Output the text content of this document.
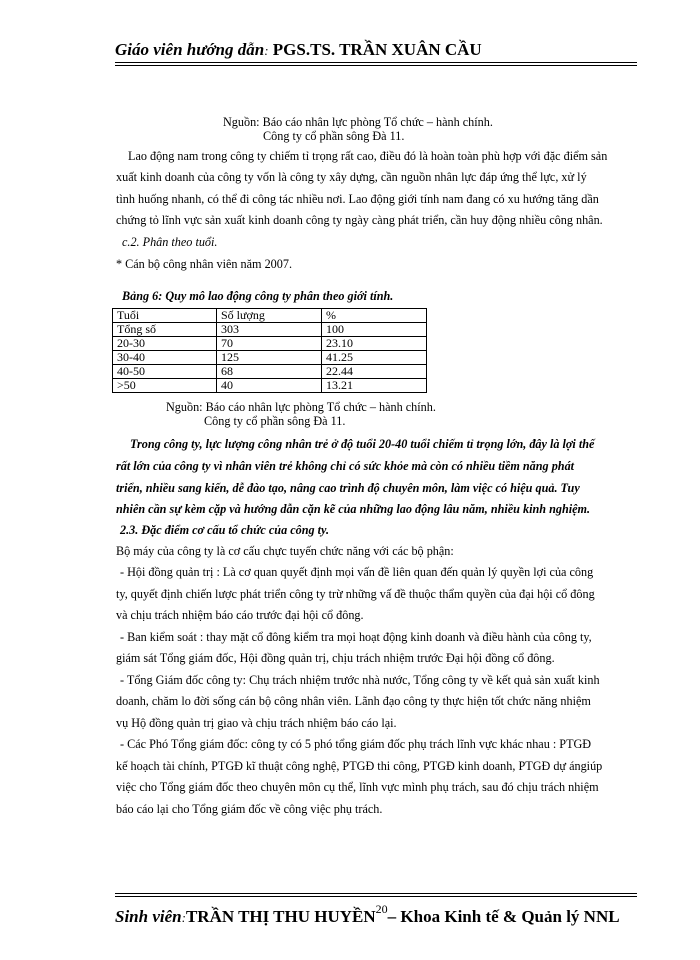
Giáo viên hướng dẫn: PGS.TS. TRẦN XUÂN CẦU
Nguồn: Báo cáo nhân lực phòng Tổ chức – hành chính.
Công ty cổ phần sông Đà 11.
Lao động nam trong công ty chiếm tỉ trọng rất cao, điều đó là hoàn toàn phù hợp với đặc điểm sản
xuất kinh doanh của công ty vốn là công ty xây dựng, cần nguồn nhân lực đáp ứng thể lực, xử lý
tình huống nhanh, có thể đi công tác nhiều nơi. Lao động giới tính nam đang có xu hướng tăng dần
chứng tỏ lĩnh vực sản xuất kinh doanh công ty ngày càng phát triển, cần huy động nhiều công nhân.
c.2. Phân theo tuổi.
* Cán bộ công nhân viên năm 2007.
Bảng 6: Quy mô lao động công ty phân theo giới tính.
Tuổi	Số lượng	%
Tổng số	303	100
20-30	70	23.10
30-40	125	41.25
40-50	68	22.44
>50	40	13.21
Nguồn: Báo cáo nhân lực phòng Tổ chức – hành chính.
Công ty cổ phần sông Đà 11.
Trong công ty, lực lượng công nhân trẻ ở độ tuổi 20-40 tuổi chiếm tỉ trọng lớn, đây là lợi thế
rất lớn của công ty vì nhân viên trẻ không chỉ có sức khỏe mà còn có nhiều tiềm năng phát
triển, nhiều sang kiến, dễ đào tạo, nâng cao trình độ chuyên môn, làm việc có hiệu quả. Tuy
nhiên cần sự kèm cặp và hướng dẫn cặn kẽ của những lao động lâu năm, nhiều kinh nghiệm.
2.3. Đặc điểm cơ cấu tổ chức của công ty.
Bộ máy của công ty là cơ cấu chực tuyến chức năng với các bộ phận:
- Hội đồng quản trị : Là cơ quan quyết định mọi vấn đề liên quan đến quản lý quyền lợi của công
ty, quyết định chiến lược phát triển công ty trừ những vấ đề thuộc thẩm quyền của đại hội cổ đông
và chịu trách nhiệm báo cáo trước đại hội cổ đông.
- Ban kiểm soát : thay mặt cổ đông kiểm tra mọi hoạt động kinh doanh và điều hành của công ty,
giám sát Tổng giám đốc, Hội đồng quản trị, chịu trách nhiệm trước Đại hội đồng cổ đông.
- Tổng Giám đốc công ty: Chụ trách nhiệm trước nhà nước, Tổng công ty về kết quả sản xuất kinh
doanh, chăm lo đời sống cán bộ công nhân viên. Lãnh đạo công ty thực hiện tốt chức năng nhiệm
vụ Hộ đồng quản trị giao và chịu trách nhiệm báo cáo lại.
- Các Phó Tổng giám đốc: công ty có 5 phó tổng giám đốc phụ trách lĩnh vực khác nhau : PTGĐ
kế hoạch tài chính, PTGĐ kĩ thuật công nghệ, PTGĐ thi công, PTGĐ kinh doanh, PTGĐ dự ángiúp
việc cho Tổng giám đốc theo chuyên môn cụ thể, lĩnh vực mình phụ trách, sau đó chịu trách nhiệm
báo cáo lại cho Tổng giám đốc về công việc phụ trách.
Sinh viên:TRẦN THỊ THU HUYỀN$^{20}$– Khoa Kinh tế & Quản lý NNL
